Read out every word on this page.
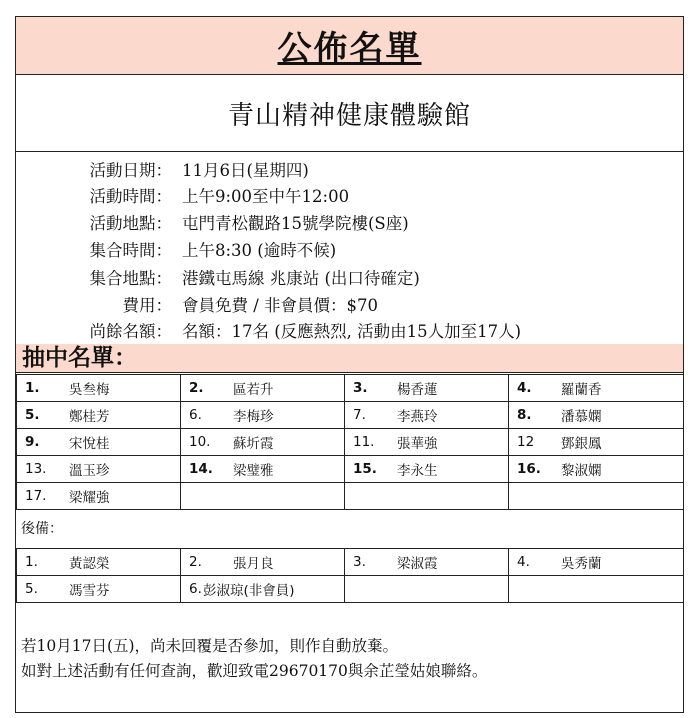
公佈名單
青山精神健康體驗館
活動日期： 11月6日(星期四)
活動時間： 上午9:00至中午12:00
活動地點： 屯門青松觀路15號學院樓(S座)
集合時間： 上午8:30 (逾時不候)
集合地點： 港鐵屯馬線 兆康站 (出口待確定)
費用： 會員免費 / 非會員價：$70
尚餘名額： 名額：17名 (反應熱烈, 活動由15人加至17人)
抽中名單：
1. 吳叁梅	2. 區若升	3. 楊香蓮	4. 羅蘭香

5. 鄭桂芳	6. 李梅珍	7. 李燕玲	8. 潘慕嫻

9. 宋悅桂	10. 蘇圻霞	11. 張華強	12 鄧銀鳳

13. 溫玉珍	14. 梁璧雅	15. 李永生	16. 黎淑嫻

17. 梁耀強			

後備：
1. 黃認榮	2. 張月良	3. 梁淑霞	4. 吳秀蘭

5. 馮雪芬	6. 彭淑琼(非會員)		

若10月17日(五)，尚未回覆是否參加，則作自動放棄。
如對上述活動有任何查詢，歡迎致電29670170與余芷瑩姑娘聯絡。
